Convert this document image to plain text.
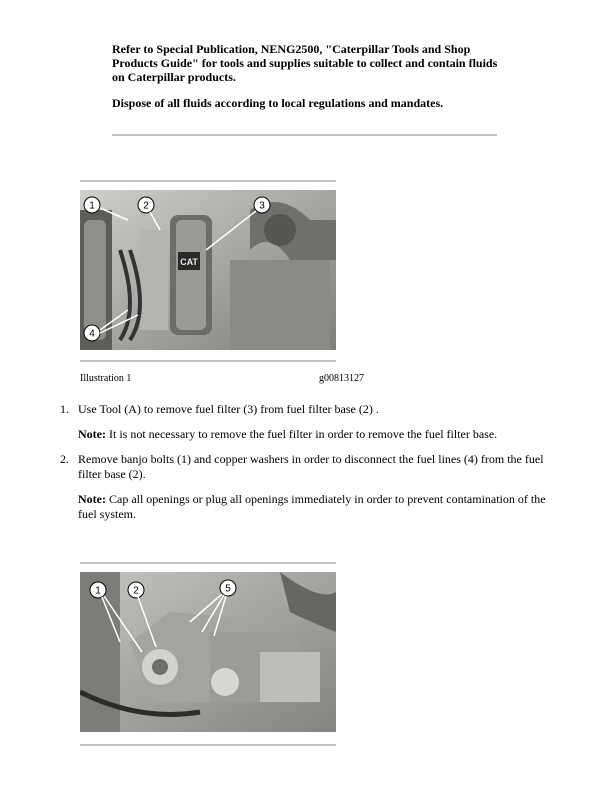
Refer to Special Publication, NENG2500, "Caterpillar Tools and Shop Products Guide" for tools and supplies suitable to collect and contain fluids on Caterpillar products.

Dispose of all fluids according to local regulations and mandates.

CAT
1	2	3
4
Illustration 1	g00813127
1. Use Tool (A) to remove fuel filter (3) from fuel filter base (2) .
Note: It is not necessary to remove the fuel filter in order to remove the fuel filter base.
2. Remove banjo bolts (1) and copper washers in order to disconnect the fuel lines (4) from the fuel filter base (2).
Note: Cap all openings or plug all openings immediately in order to prevent contamination of the fuel system.
1	2	5
